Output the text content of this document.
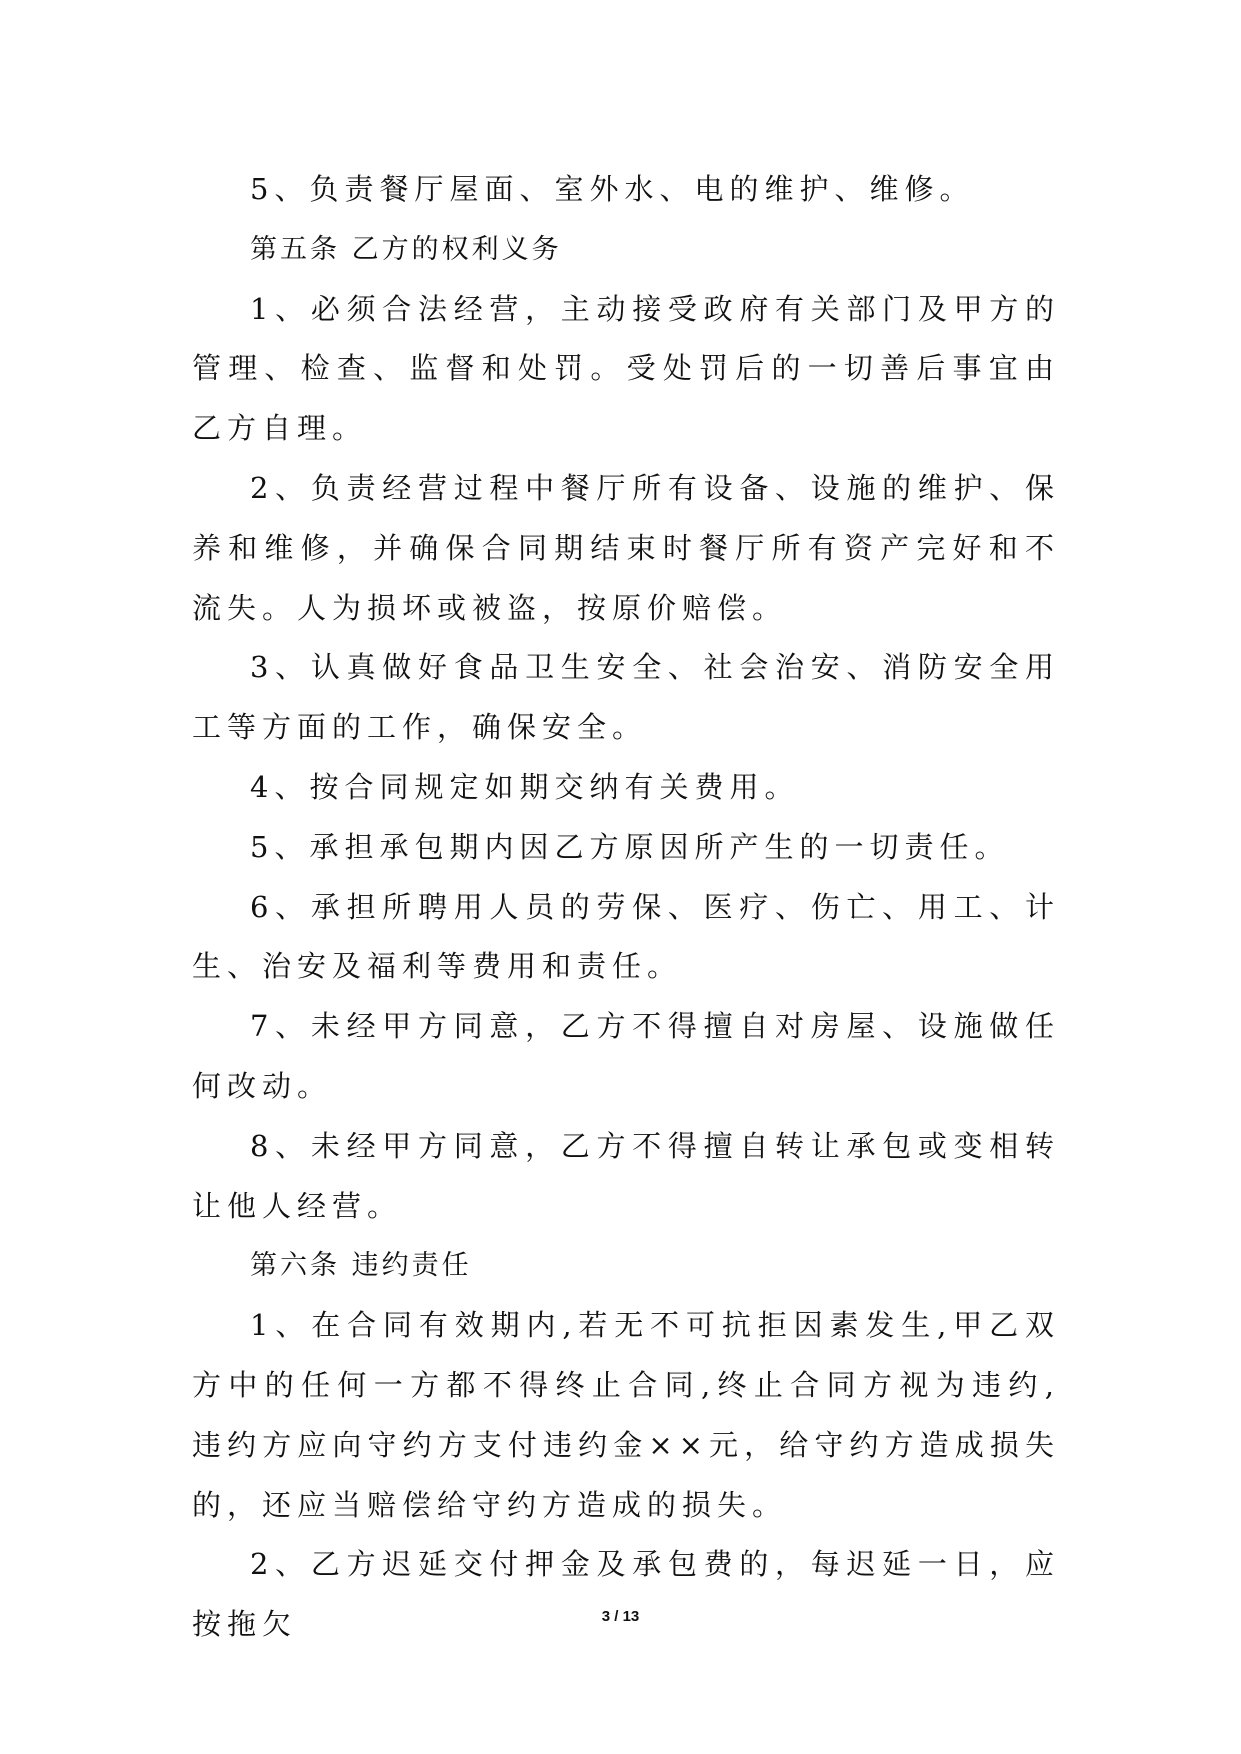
5、负责餐厅屋面、室外水、电的维护、维修。

第五条 乙方的权利义务

1、必须合法经营，主动接受政府有关部门及甲方的管理、检查、监督和处罚。受处罚后的一切善后事宜由乙方自理。

2、负责经营过程中餐厅所有设备、设施的维护、保养和维修，并确保合同期结束时餐厅所有资产完好和不流失。人为损坏或被盗，按原价赔偿。

3、认真做好食品卫生安全、社会治安、消防安全用工等方面的工作，确保安全。

4、按合同规定如期交纳有关费用。

5、承担承包期内因乙方原因所产生的一切责任。

6、承担所聘用人员的劳保、医疗、伤亡、用工、计生、治安及福利等费用和责任。

7、未经甲方同意，乙方不得擅自对房屋、设施做任何改动。

8、未经甲方同意，乙方不得擅自转让承包或变相转让他人经营。

第六条 违约责任

1、在合同有效期内,若无不可抗拒因素发生,甲乙双方中的任何一方都不得终止合同,终止合同方视为违约,违约方应向守约方支付违约金××元，给守约方造成损失的，还应当赔偿给守约方造成的损失。

2、乙方迟延交付押金及承包费的，每迟延一日，应按拖欠	3 / 13
